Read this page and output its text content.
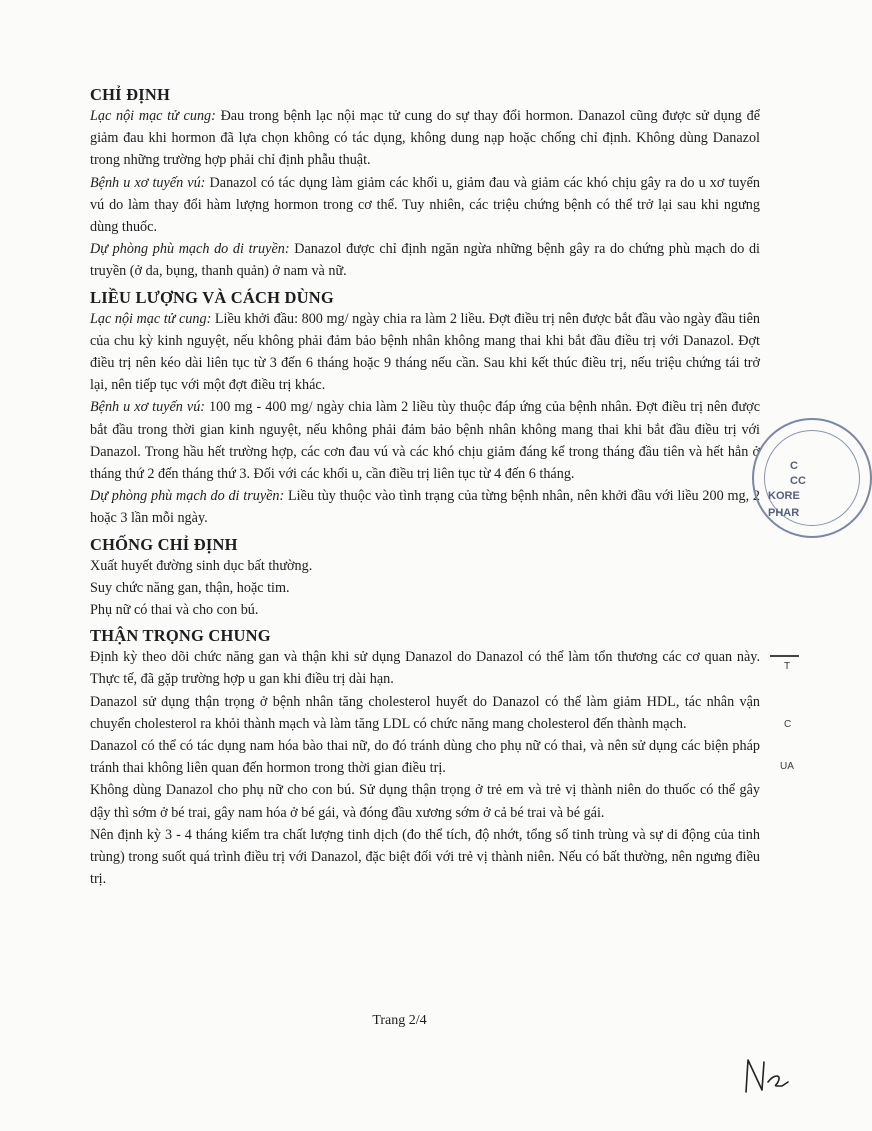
CHỈ ĐỊNH

Lạc nội mạc tử cung: Đau trong bệnh lạc nội mạc tử cung do sự thay đổi hormon. Danazol cũng được sử dụng để giảm đau khi hormon đã lựa chọn không có tác dụng, không dung nạp hoặc chống chỉ định. Không dùng Danazol trong những trường hợp phải chỉ định phẫu thuật.

Bệnh u xơ tuyến vú: Danazol có tác dụng làm giảm các khối u, giảm đau và giảm các khó chịu gây ra do u xơ tuyến vú do làm thay đổi hàm lượng hormon trong cơ thể. Tuy nhiên, các triệu chứng bệnh có thể trở lại sau khi ngưng dùng thuốc.

Dự phòng phù mạch do di truyền: Danazol được chỉ định ngăn ngừa những bệnh gây ra do chứng phù mạch do di truyền (ở da, bụng, thanh quản) ở nam và nữ.

LIỀU LƯỢNG VÀ CÁCH DÙNG

Lạc nội mạc tử cung: Liều khởi đầu: 800 mg/ ngày chia ra làm 2 liều. Đợt điều trị nên được bắt đầu vào ngày đầu tiên của chu kỳ kinh nguyệt, nếu không phải đảm bảo bệnh nhân không mang thai khi bắt đầu điều trị với Danazol. Đợt điều trị nên kéo dài liên tục từ 3 đến 6 tháng hoặc 9 tháng nếu cần. Sau khi kết thúc điều trị, nếu triệu chứng tái trở lại, nên tiếp tục với một đợt điều trị khác.

Bệnh u xơ tuyến vú: 100 mg - 400 mg/ ngày chia làm 2 liều tùy thuộc đáp ứng của bệnh nhân. Đợt điều trị nên được bắt đầu trong thời gian kinh nguyệt, nếu không phải đảm bảo bệnh nhân không mang thai khi bắt đầu điều trị với Danazol. Trong hầu hết trường hợp, các cơn đau vú và các khó chịu giảm đáng kể trong tháng đầu tiên và hết hẳn ở tháng thứ 2 đến tháng thứ 3. Đối với các khối u, cần điều trị liên tục từ 4 đến 6 tháng.

Dự phòng phù mạch do di truyền: Liều tùy thuộc vào tình trạng của từng bệnh nhân, nên khởi đầu với liều 200 mg, 2 hoặc 3 lần mỗi ngày.

CHỐNG CHỈ ĐỊNH

Xuất huyết đường sinh dục bất thường.

Suy chức năng gan, thận, hoặc tim.

Phụ nữ có thai và cho con bú.

THẬN TRỌNG CHUNG

Định kỳ theo dõi chức năng gan và thận khi sử dụng Danazol do Danazol có thể làm tổn thương các cơ quan này. Thực tế, đã gặp trường hợp u gan khi điều trị dài hạn.

Danazol sử dụng thận trọng ở bệnh nhân tăng cholesterol huyết do Danazol có thể làm giảm HDL, tác nhân vận chuyển cholesterol ra khỏi thành mạch và làm tăng LDL có chức năng mang cholesterol đến thành mạch.

Danazol có thể có tác dụng nam hóa bào thai nữ, do đó tránh dùng cho phụ nữ có thai, và nên sử dụng các biện pháp tránh thai không liên quan đến hormon trong thời gian điều trị.

Không dùng Danazol cho phụ nữ cho con bú. Sử dụng thận trọng ở trẻ em và trẻ vị thành niên do thuốc có thể gây dậy thì sớm ở bé trai, gây nam hóa ở bé gái, và đóng đầu xương sớm ở cả bé trai và bé gái.

Nên định kỳ 3 - 4 tháng kiểm tra chất lượng tinh dịch (đo thể tích, độ nhớt, tổng số tinh trùng và sự di động của tinh trùng) trong suốt quá trình điều trị với Danazol, đặc biệt đối với trẻ vị thành niên. Nếu có bất thường, nên ngưng điều trị.

Trang 2/4
C
CC
KORE
PHAR
T
C
UA
